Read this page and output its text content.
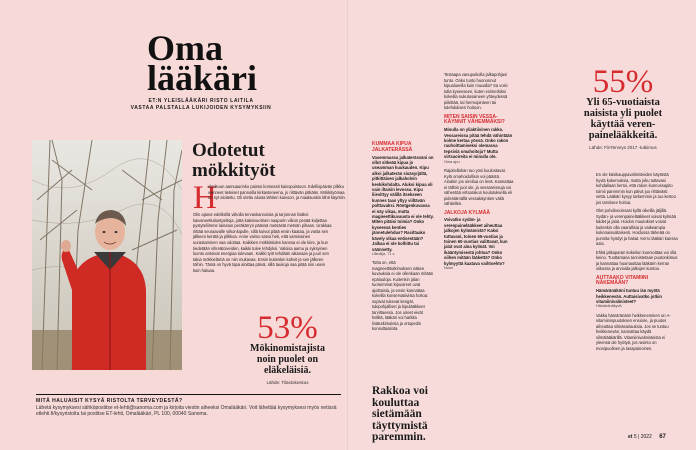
Oma
lääkäri
ET:N YLEISLÄÄKÄRI RISTO LAITILA
VASTAA PALSTALLA LUKIJOIDEN KYSYMYKSIIN
Odotetut
mökkityöt
H

elmikuun aamuaurinko paistoi komeasti kaivopuistoon. Edellispäivän pilkku vienneet tieteiset pannoilla kirkasteneena, jo riittävän pitkään. Mökkityömaa on nyt aloitettu. Oli otettu alusta lähtien kaivoon, ja maalauskin lähti käyntiin.

Olin ajanut edellisillä viikolla tervaskannoista ja tarjonnan lisäksi kaivaneetkaluntpeltoja, jotta kaksivuotinen naapurin viikon pesää kuljettaa pystyteliimme lainatun peräkärryn päässä metsästä metsän pihaan. Urakkaa riittää seuraavalle viikonlopulle, sillä koivut pitää ensin kaataa, ja vasta sen jälkeen kerätä ja pilkkoa. Anne vaimo sanoi heti, että varsinainen uurastaminen saa odottaa. Kaikkien mökkitöiden kanssa ei ole kiire, ja kun tiedetään vihreätoiveiden, kaikki tulee tehdyksi. Valoisa aamu ja syksyinen luonto antoivat energiaa tulevaan. Kaikki työt tehdään aikanaan ja juuri sen takia mökkielämä on niin mukavaa. Ensin kuitenkin kahvit ja sen jälkeen töihin. Tämä on hyvä tapa aloittaa päivä, sillä taukoja saa pitää niin usein kuin haluaa.

53%
Mökinomistajista
noin puolet on eläkeläisiä.
Lähde: Tilastokeskus
MITÄ HALUAISIT KYSYÄ RISTOLTA TERVEYDESTÄ?
Lähetä kysymyksesi sähköpostitse et-lehti@sanoma.com ja kirjoita viestin aiheeksi Omalääkäri. Voit lähettää kysymyksesi myös netissä etlehti.fi/kysyristolta tai postitse ET-lehti, Omalääkäri, PL 100, 00040 Sanoma.

KUMMAA KIPUA
JALKATERÄSSÄ

Vasemmassa jalkaterässäni on ollut sitkeää kipua jo useamman kuukauden. Kipu alkoi jalkaterän sisäsyrjältä, pitkittäisen jalkaholvin keskikohdalta. Aluksi kipua oli vain iltaisin levossa. Kipu liievittyy välillä itsekseen kunnes taas yltyy viiltävän polttavaksi. Röntgenkuvassa ei näy vikaa, mutta magneettikuvausta ei ole tehty. Miten pitäisi toimia? Onko kyseessä kenties jännetulehdus? Rasittaako kävely vikaa entisestään? Jalkaa ei ole kolhittu tai väännetty.

Ulkoilija, 71 v.

Totta on, että magneettitutkimuksen näkee kuvauksia ei ole ollenkaan mitään epäluuloja. Kuitenkin jalan tuoreimmat kipuoireet ovat ajoittaisia, ja ensin kannattaa kokeilla konservatiivista hoitoa: sopivat tukevat kengät, tukipohjalliset ja kipulääkkeet tarvittaessa. Jos oireet eivät hellitä, lääkäri voi harkita lisätutkimuksia ja ortopedin konsultaatiota.

Rakkoa voi
kouluttaa
sietämään
täyttymistä
paremmin.

Testaapa vanupuikolla jalkapohjasi tunto. Onko tunto huononnut kipualueella kuin muualla? Sa voisi tulla kyseeseen, kuten esimerkiksi kokeilla nukutusaineen yhteydessä piikittää, tai hermopinteen tai tulehduksen hoitoon.

MITEN SAISIN VESSA-
KÄYNNIT VÄHEMMÄKSI?

Minulla on yliaktiivinen rakko. Vessareissu pitää tehdä vähintään kolme kertaa yössä. Onko rakon rauhoittamiseksi olemassa tepsiviä omahoitoja? Mutta virtsaoireita ei minulla ole.

Oma apu

Rajoitellahan tuo yösi kuulostavat. Kylä omahoidollisin voi päästä. Ainakin jos oireilua on levä. Kannattaa ei tällöin juot ole, ja vessareissuja voi vähentää virtsarakon koulutuksella eli pidentämällä vessakäyntien väliä vähitellen.

JALKOJA KYLMÄÄ

Voivatko sydän- ja verenpainelääkkeet aiheuttaa jalkojen kylmämistä? Kaksi tuttavani, toinen 65-vuotias ja toinen 60-vuotias valittavat, kun jalat ovat aina kylmät. Voi ikääntymisestä johtua? Onko siihen mitään lääkettä? Onko kylmyyttä kaatava vaihtoehto?

Noloi

55%
Yli 65-vuotiaista
naisista yli puolet
käyttää veren-
painelääkkeitä.
Lähde: FinTerveys 2017 -tutkimus

En ole käsikauppavalmisteiden käytöstä hyviä kokemuksia, mutta joku tuttavasi kohdallaan kertoi, että rakon kunnossapito toimii paremmin kun päivä juo riittävästi vettä. Lääkäri kysyy tarkemmin ja tuo kertoo jos tarvitsee hoitoa.

Olet pohdinnoissasi kyllä oikeilla jäljillä. Sydän- ja verenpainelääkkeet voivat kylmää kädet ja jalat. Hoidon muutokset voivat kuitenkin olla vaarallisia ja vaikeampia kokonaisvaltaisesti. Hoidossa tärkeää on punnita hyödyt ja haitat. Kerro lääkäri kanssa asia.

Ehkä jalkaparan kokeilun kunnioittaa voi olla keino. Tuottamana tunnistetaan puutonkimus ja kannattaa huomauttaa lääkärin kerran viikossa ja arvioida jalkojen kuntoa.

AUTTAAKO VITAMIINI
NÄKEMÄÄN?

Hämäränäköni tuntuu iän myötä heikkenevän. Auttaisivatko jotkin vitamiinivalmisteet?

Hämäränäkyvä

Vakka hämäränäön heikkeneminen on A-vitamiininpuutoksen ensioire, ja puutos aiheuttaa silmäsairauksia. Jos se tuntuu heikkenevän, kannattaa käydä silmälääkärillä. Vitamiinivalmisteista ei yleensä ole hyötyä, jos ravinto on monipuolinen ja tasapainoinen.

et 5 | 2022 67
